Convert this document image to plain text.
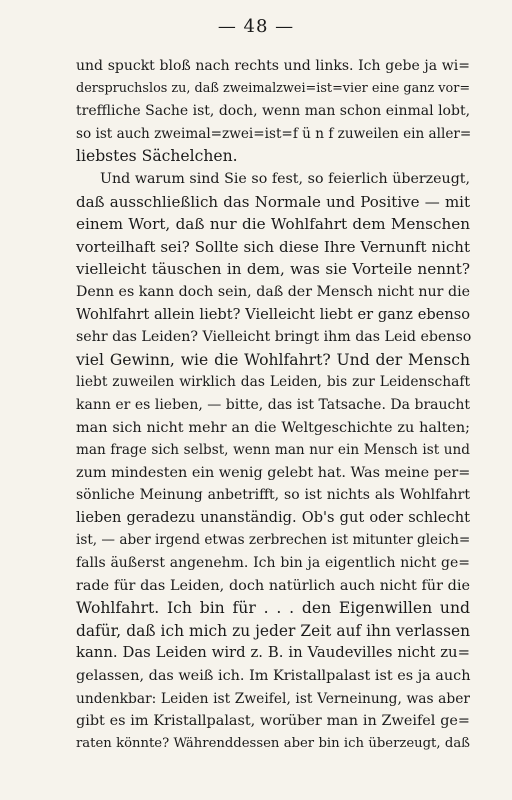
— 48 —
und spuckt bloß nach rechts und links. Ich gebe ja wi=
derspruchslos zu, daß zweimalzwei=ist=vier eine ganz vor=
treffliche Sache ist, doch, wenn man schon einmal lobt,
so ist auch zweimal=zwei=ist=f ü n f zuweilen ein aller=
liebstes Sächelchen.
Und warum sind Sie so fest, so feierlich überzeugt,
daß ausschließlich das Normale und Positive — mit
einem Wort, daß nur die Wohlfahrt dem Menschen
vorteilhaft sei? Sollte sich diese Ihre Vernunft nicht
vielleicht täuschen in dem, was sie Vorteile nennt?
Denn es kann doch sein, daß der Mensch nicht nur die
Wohlfahrt allein liebt? Vielleicht liebt er ganz ebenso
sehr das Leiden? Vielleicht bringt ihm das Leid ebenso
viel Gewinn, wie die Wohlfahrt? Und der Mensch
liebt zuweilen wirklich das Leiden, bis zur Leidenschaft
kann er es lieben, — bitte, das ist Tatsache. Da braucht
man sich nicht mehr an die Weltgeschichte zu halten;
man frage sich selbst, wenn man nur ein Mensch ist und
zum mindesten ein wenig gelebt hat. Was meine per=
sönliche Meinung anbetrifft, so ist nichts als Wohlfahrt
lieben geradezu unanständig. Ob's gut oder schlecht
ist, — aber irgend etwas zerbrechen ist mitunter gleich=
falls äußerst angenehm. Ich bin ja eigentlich nicht ge=
rade für das Leiden, doch natürlich auch nicht für die
Wohlfahrt. Ich bin für . . . den Eigenwillen und
dafür, daß ich mich zu jeder Zeit auf ihn verlassen
kann. Das Leiden wird z. B. in Vaudevilles nicht zu=
gelassen, das weiß ich. Im Kristallpalast ist es ja auch
undenkbar: Leiden ist Zweifel, ist Verneinung, was aber
gibt es im Kristallpalast, worüber man in Zweifel ge=
raten könnte? Währenddessen aber bin ich überzeugt, daß
